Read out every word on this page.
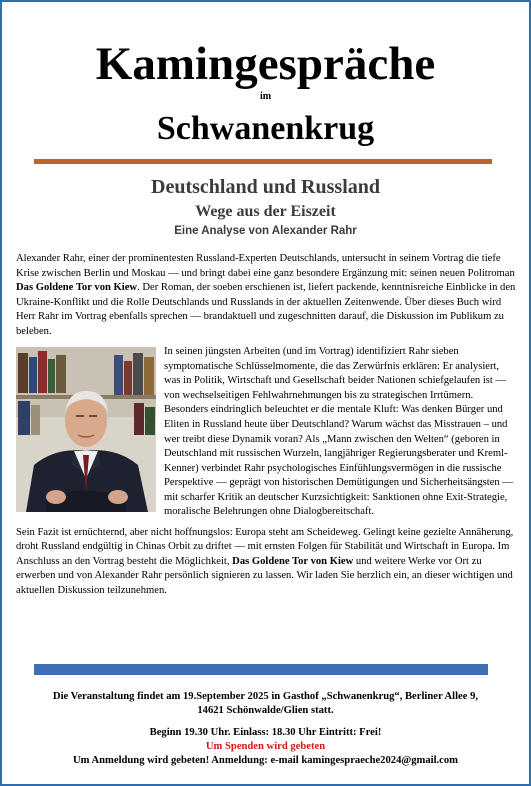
Kamingespräche
im
Schwanenkrug
Deutschland und Russland
Wege aus der Eiszeit
Eine Analyse von Alexander Rahr

Alexander Rahr, einer der prominentesten Russland-Experten Deutschlands, untersucht in seinem Vortrag die tiefe Krise zwischen Berlin und Moskau — und bringt dabei eine ganz besondere Ergänzung mit: seinen neuen Politroman Das Goldene Tor von Kiew. Der Roman, der soeben erschienen ist, liefert packende, kenntnisreiche Einblicke in den Ukraine-Konflikt und die Rolle Deutschlands und Russlands in der aktuellen Zeitenwende. Über dieses Buch wird Herr Rahr im Vortrag ebenfalls sprechen — brandaktuell und zugeschnitten darauf, die Diskussion im Publikum zu beleben.

In seinen jüngsten Arbeiten (und im Vortrag) identifiziert Rahr sieben symptomatische Schlüsselmomente, die das Zerwürfnis erklären: Er analysiert, was in Politik, Wirtschaft und Gesellschaft beider Nationen schiefgelaufen ist — von wechselseitigen Fehlwahrnehmungen bis zu strategischen Irrtümern. Besonders eindringlich beleuchtet er die mentale Kluft: Was denken Bürger und Eliten in Russland heute über Deutschland? Warum wächst das Misstrauen – und wer treibt diese Dynamik voran? Als „Mann zwischen den Welten“ (geboren in Deutschland mit russischen Wurzeln, langjähriger Regierungsberater und Kreml-Kenner) verbindet Rahr psychologisches Einfühlungsvermögen in die russische Perspektive — geprägt von historischen Demütigungen und Sicherheitsängsten — mit scharfer Kritik an deutscher Kurzsichtigkeit: Sanktionen ohne Exit-Strategie, moralische Belehrungen ohne Dialogbereitschaft.

Sein Fazit ist ernüchternd, aber nicht hoffnungslos: Europa steht am Scheideweg. Gelingt keine gezielte Annäherung, droht Russland endgültig in Chinas Orbit zu driftet — mit ernsten Folgen für Stabilität und Wirtschaft in Europa. Im Anschluss an den Vortrag besteht die Möglichkeit, Das Goldene Tor von Kiew und weitere Werke vor Ort zu erwerben und von Alexander Rahr persönlich signieren zu lassen. Wir laden Sie herzlich ein, an dieser wichtigen und aktuellen Diskussion teilzunehmen.

Die Veranstaltung findet am 19.September 2025 in Gasthof „Schwanenkrug“, Berliner Allee 9,
14621 Schönwalde/Glien statt.
Beginn 19.30 Uhr. Einlass: 18.30 Uhr Eintritt: Frei!
Um Spenden wird gebeten
Um Anmeldung wird gebeten! Anmeldung: e-mail kamingespraeche2024@gmail.com
